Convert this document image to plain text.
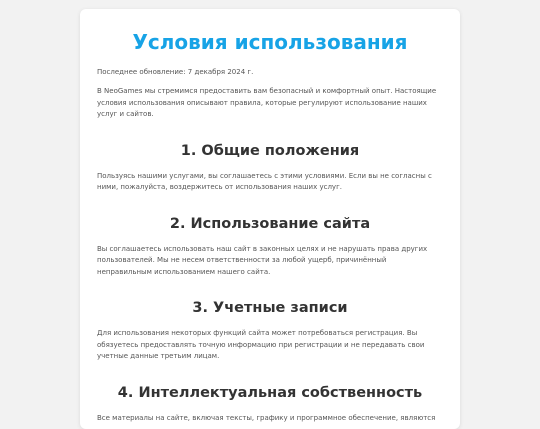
Условия использования

Последнее обновление: 7 декабря 2024 г.

В NeoGames мы стремимся предоставить вам безопасный и комфортный опыт. Настоящие условия использования описывают правила, которые регулируют использование наших услуг и сайтов.

1. Общие положения

Пользуясь нашими услугами, вы соглашаетесь с этими условиями. Если вы не согласны с ними, пожалуйста, воздержитесь от использования наших услуг.

2. Использование сайта

Вы соглашаетесь использовать наш сайт в законных целях и не нарушать права других пользователей. Мы не несем ответственности за любой ущерб, причинённый неправильным использованием нашего сайта.

3. Учетные записи

Для использования некоторых функций сайта может потребоваться регистрация. Вы обязуетесь предоставлять точную информацию при регистрации и не передавать свои учетные данные третьим лицам.

4. Интеллектуальная собственность

Все материалы на сайте, включая тексты, графику и программное обеспечение, являются
